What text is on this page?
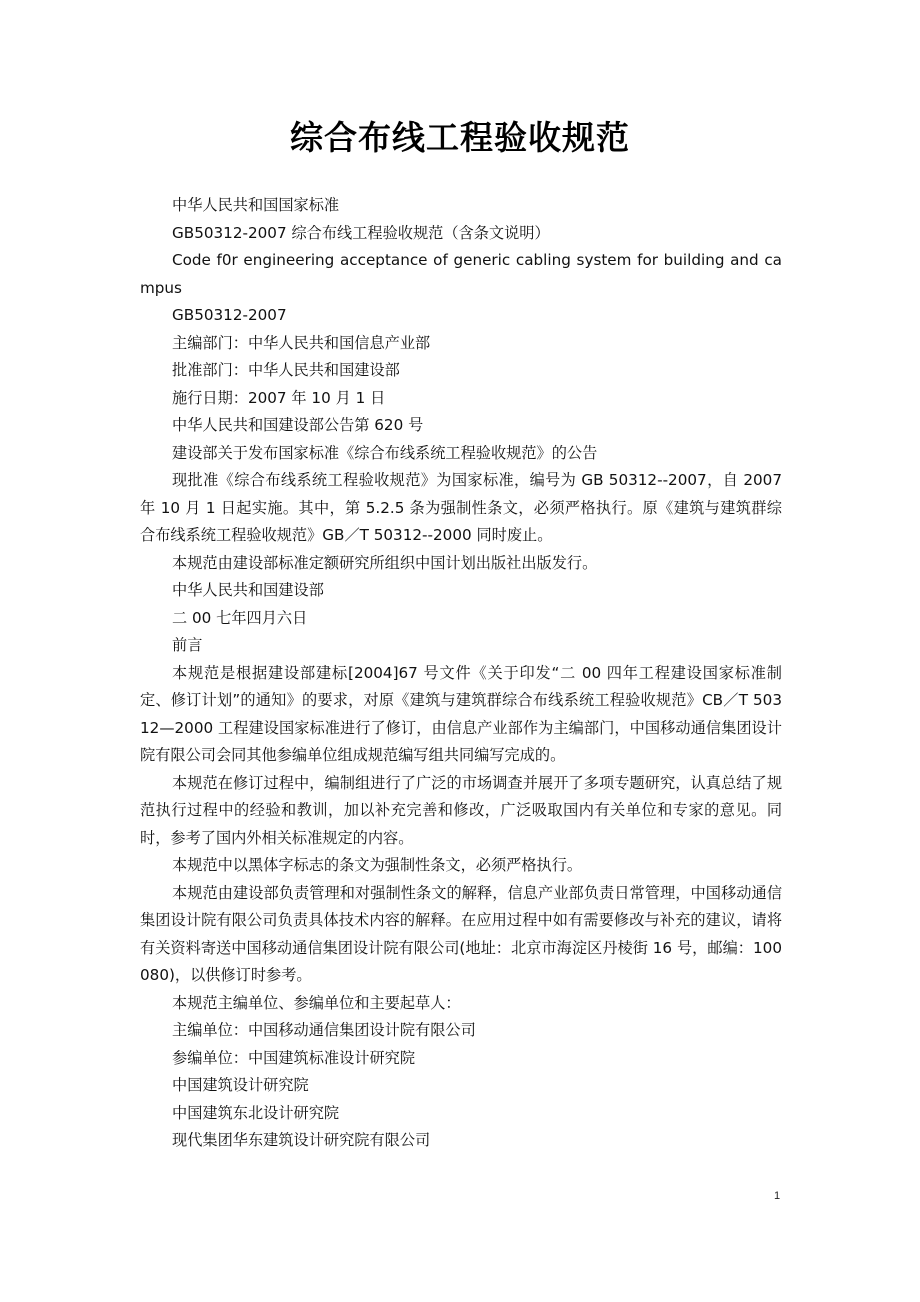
综合布线工程验收规范

中华人民共和国国家标准

GB50312-2007 综合布线工程验收规范（含条文说明）

Code f0r engineering acceptance of generic cabling system for building and campus

GB50312-2007

主编部门：中华人民共和国信息产业部

批准部门：中华人民共和国建设部

施行日期：2007 年 10 月 1 日

中华人民共和国建设部公告第 620 号

建设部关于发布国家标准《综合布线系统工程验收规范》的公告

现批准《综合布线系统工程验收规范》为国家标准，编号为 GB 50312--2007，自 2007 年 10 月 1 日起实施。其中，第 5.2.5 条为强制性条文，必须严格执行。原《建筑与建筑群综合布线系统工程验收规范》GB／T 50312--2000 同时废止。

本规范由建设部标准定额研究所组织中国计划出版社出版发行。

中华人民共和国建设部

二 00 七年四月六日

前言

本规范是根据建设部建标[2004]67 号文件《关于印发“二 00 四年工程建设国家标准制定、修订计划”的通知》的要求，对原《建筑与建筑群综合布线系统工程验收规范》CB／T 50312—2000 工程建设国家标准进行了修订，由信息产业部作为主编部门，中国移动通信集团设计院有限公司会同其他参编单位组成规范编写组共同编写完成的。

本规范在修订过程中，编制组进行了广泛的市场调查并展开了多项专题研究，认真总结了规范执行过程中的经验和教训，加以补充完善和修改，广泛吸取国内有关单位和专家的意见。同时，参考了国内外相关标准规定的内容。

本规范中以黑体字标志的条文为强制性条文，必须严格执行。

本规范由建设部负责管理和对强制性条文的解释，信息产业部负责日常管理，中国移动通信集团设计院有限公司负责具体技术内容的解释。在应用过程中如有需要修改与补充的建议，请将有关资料寄送中国移动通信集团设计院有限公司(地址：北京市海淀区丹棱街 16 号，邮编：100080)，以供修订时参考。

本规范主编单位、参编单位和主要起草人：

主编单位：中国移动通信集团设计院有限公司

参编单位：中国建筑标准设计研究院

中国建筑设计研究院

中国建筑东北设计研究院

现代集团华东建筑设计研究院有限公司

1
